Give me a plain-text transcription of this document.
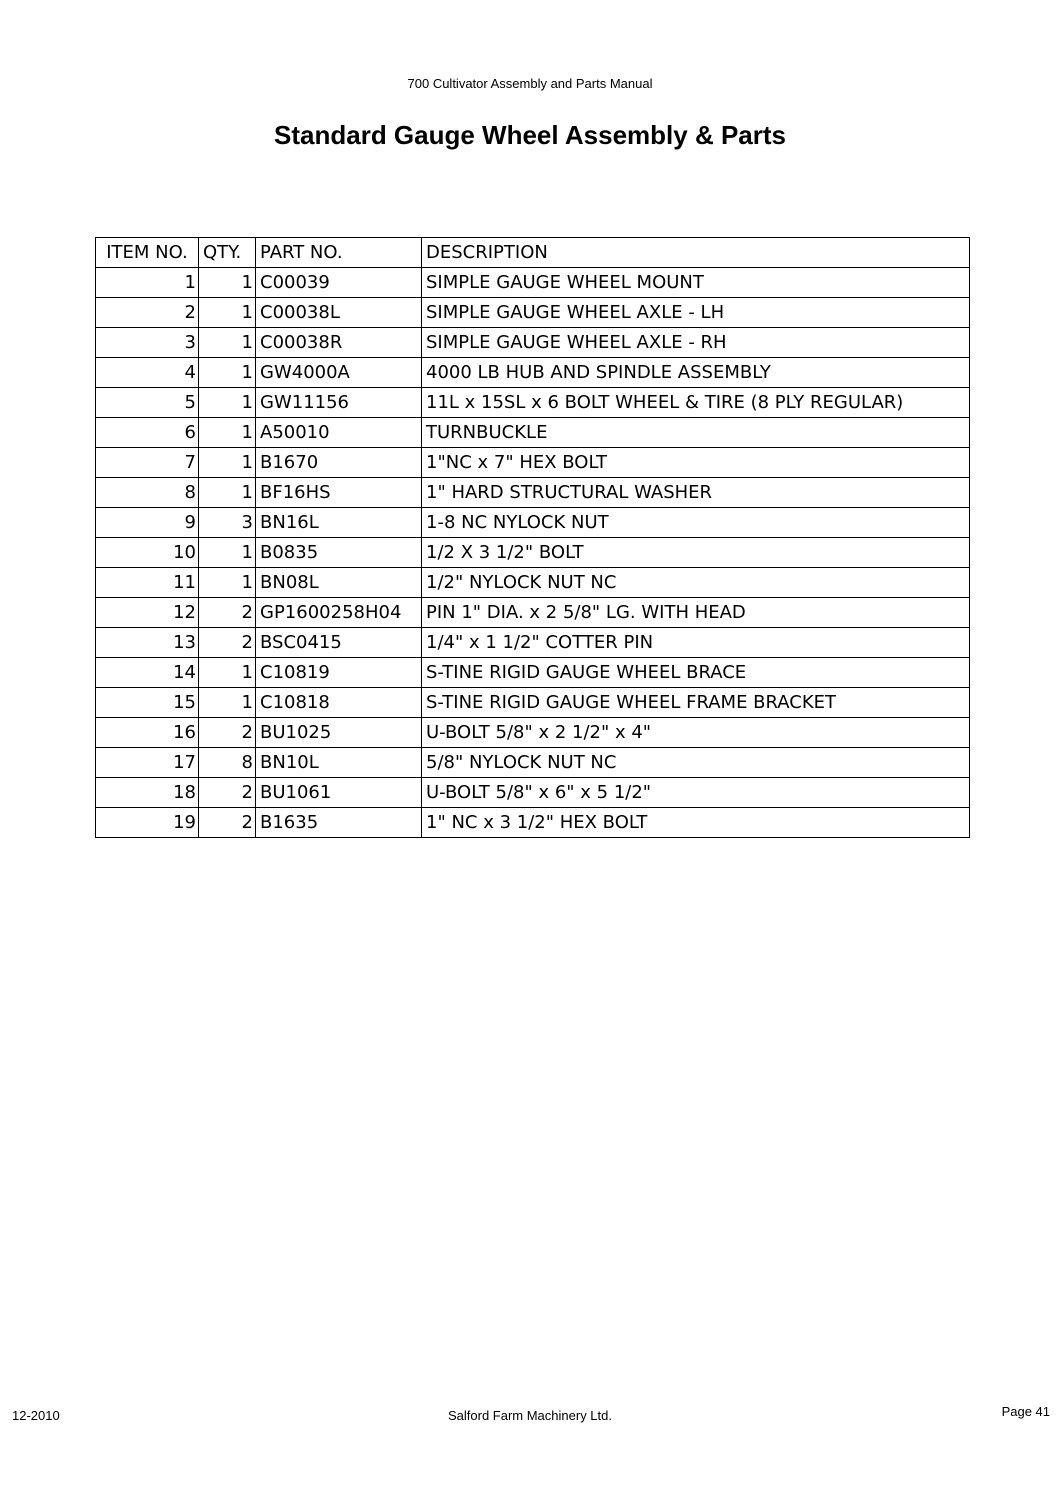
700 Cultivator Assembly and Parts Manual
Standard Gauge Wheel Assembly & Parts
ITEM NO.	QTY.	PART NO.	DESCRIPTION
1	1	C00039	SIMPLE GAUGE WHEEL MOUNT
2	1	C00038L	SIMPLE GAUGE WHEEL AXLE - LH
3	1	C00038R	SIMPLE GAUGE WHEEL AXLE - RH
4	1	GW4000A	4000 LB HUB AND SPINDLE ASSEMBLY
5	1	GW11156	11L x 15SL x 6 BOLT WHEEL & TIRE (8 PLY REGULAR)
6	1	A50010	TURNBUCKLE
7	1	B1670	1"NC x 7" HEX BOLT
8	1	BF16HS	1" HARD STRUCTURAL WASHER
9	3	BN16L	1-8 NC NYLOCK NUT
10	1	B0835	1/2 X 3 1/2" BOLT
11	1	BN08L	1/2" NYLOCK NUT NC
12	2	GP1600258H04	PIN 1" DIA. x 2 5/8" LG. WITH HEAD
13	2	BSC0415	1/4" x 1 1/2" COTTER PIN
14	1	C10819	S-TINE RIGID GAUGE WHEEL BRACE
15	1	C10818	S-TINE RIGID GAUGE WHEEL FRAME BRACKET
16	2	BU1025	U-BOLT 5/8" x 2 1/2" x 4"
17	8	BN10L	5/8" NYLOCK NUT NC
18	2	BU1061	U-BOLT 5/8" x 6" x 5 1/2"
19	2	B1635	1" NC x 3 1/2" HEX BOLT
12-2010	Salford Farm Machinery Ltd.	Page 41
